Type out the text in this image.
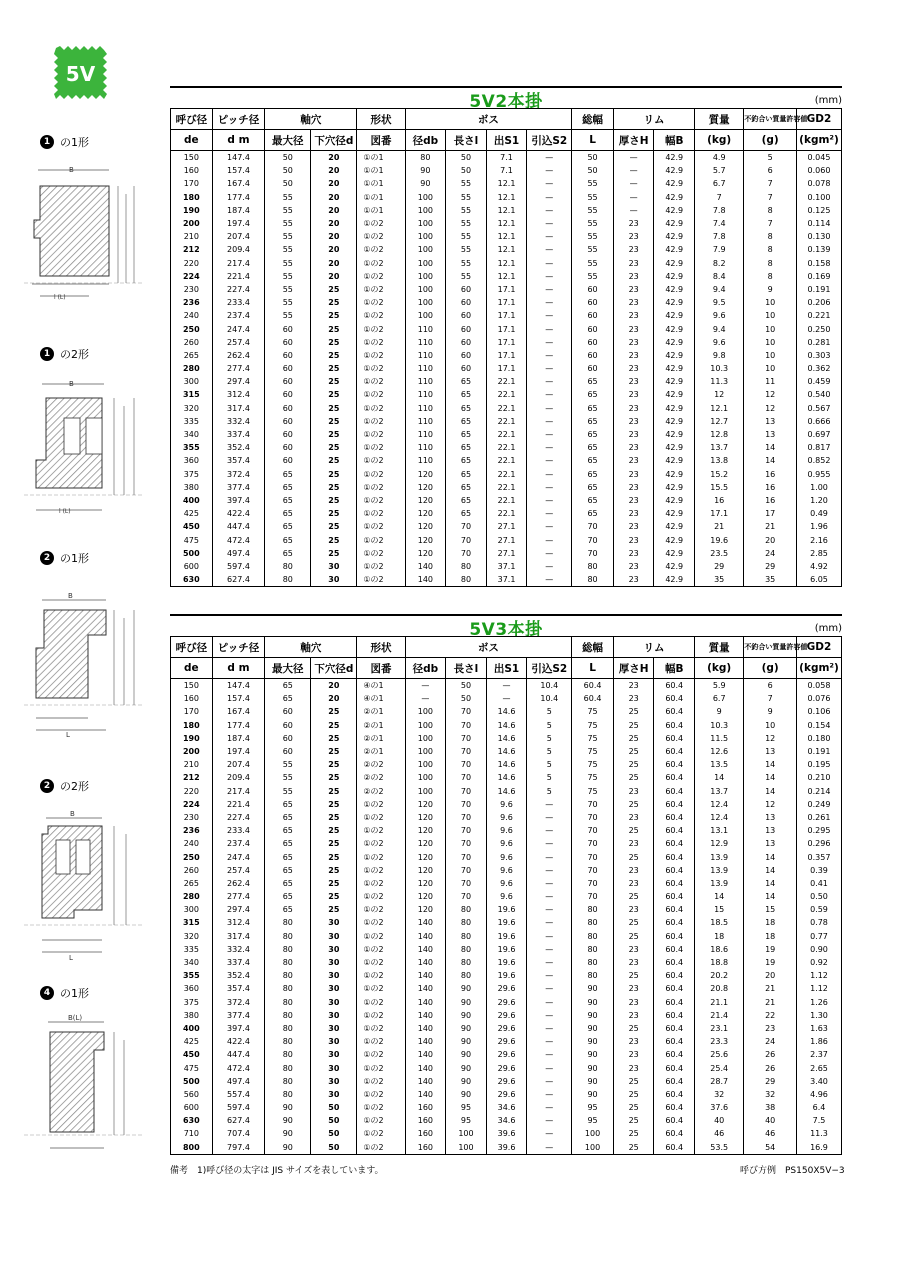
5V
1 の1形
1 の2形
2 の1形
2 の2形
4 の1形
B
l (L)
B
l (L)
B
L
B
L
B(L)
5V2本掛	(mm)
呼び径	ピッチ径	軸穴		形状	ボス				総幅	リム		質量	不釣合い質量許容値	GD2
de	d m	最大径	下穴径d	図番	径db	長さl	出S1	引込S2	L	厚さH	幅B	(kg)	(g)	(kgm²)
150	147.4	50	20	①の1	80	50	7.1	—	50	—	42.9	4.9	5	0.045
160	157.4	50	20	①の1	90	50	7.1	—	50	—	42.9	5.7	6	0.060
170	167.4	50	20	①の1	90	55	12.1	—	55	—	42.9	6.7	7	0.078
180	177.4	55	20	①の1	100	55	12.1	—	55	—	42.9	7	7	0.100
190	187.4	55	20	①の1	100	55	12.1	—	55	—	42.9	7.8	8	0.125
200	197.4	55	20	①の2	100	55	12.1	—	55	23	42.9	7.4	7	0.114
210	207.4	55	20	①の2	100	55	12.1	—	55	23	42.9	7.8	8	0.130
212	209.4	55	20	①の2	100	55	12.1	—	55	23	42.9	7.9	8	0.139
220	217.4	55	20	①の2	100	55	12.1	—	55	23	42.9	8.2	8	0.158
224	221.4	55	20	①の2	100	55	12.1	—	55	23	42.9	8.4	8	0.169
230	227.4	55	25	①の2	100	60	17.1	—	60	23	42.9	9.4	9	0.191
236	233.4	55	25	①の2	100	60	17.1	—	60	23	42.9	9.5	10	0.206
240	237.4	55	25	①の2	100	60	17.1	—	60	23	42.9	9.6	10	0.221
250	247.4	60	25	①の2	110	60	17.1	—	60	23	42.9	9.4	10	0.250
260	257.4	60	25	①の2	110	60	17.1	—	60	23	42.9	9.6	10	0.281
265	262.4	60	25	①の2	110	60	17.1	—	60	23	42.9	9.8	10	0.303
280	277.4	60	25	①の2	110	60	17.1	—	60	23	42.9	10.3	10	0.362
300	297.4	60	25	①の2	110	65	22.1	—	65	23	42.9	11.3	11	0.459
315	312.4	60	25	①の2	110	65	22.1	—	65	23	42.9	12	12	0.540
320	317.4	60	25	①の2	110	65	22.1	—	65	23	42.9	12.1	12	0.567
335	332.4	60	25	①の2	110	65	22.1	—	65	23	42.9	12.7	13	0.666
340	337.4	60	25	①の2	110	65	22.1	—	65	23	42.9	12.8	13	0.697
355	352.4	60	25	①の2	110	65	22.1	—	65	23	42.9	13.7	14	0.817
360	357.4	60	25	①の2	110	65	22.1	—	65	23	42.9	13.8	14	0.852
375	372.4	65	25	①の2	120	65	22.1	—	65	23	42.9	15.2	16	0.955
380	377.4	65	25	①の2	120	65	22.1	—	65	23	42.9	15.5	16	1.00
400	397.4	65	25	①の2	120	65	22.1	—	65	23	42.9	16	16	1.20
425	422.4	65	25	①の2	120	65	22.1	—	65	23	42.9	17.1	17	0.49
450	447.4	65	25	①の2	120	70	27.1	—	70	23	42.9	21	21	1.96
475	472.4	65	25	①の2	120	70	27.1	—	70	23	42.9	19.6	20	2.16
500	497.4	65	25	①の2	120	70	27.1	—	70	23	42.9	23.5	24	2.85
600	597.4	80	30	①の2	140	80	37.1	—	80	23	42.9	29	29	4.92
630	627.4	80	30	①の2	140	80	37.1	—	80	23	42.9	35	35	6.05
5V3本掛	(mm)
呼び径	ピッチ径	軸穴		形状	ボス				総幅	リム		質量	不釣合い質量許容値	GD2
de	d m	最大径	下穴径d	図番	径db	長さl	出S1	引込S2	L	厚さH	幅B	(kg)	(g)	(kgm²)
150	147.4	65	20	④の1	—	50	—	10.4	60.4	23	60.4	5.9	6	0.058
160	157.4	65	20	④の1	—	50	—	10.4	60.4	23	60.4	6.7	7	0.076
170	167.4	60	25	②の1	100	70	14.6	5	75	25	60.4	9	9	0.106
180	177.4	60	25	②の1	100	70	14.6	5	75	25	60.4	10.3	10	0.154
190	187.4	60	25	②の1	100	70	14.6	5	75	25	60.4	11.5	12	0.180
200	197.4	60	25	②の1	100	70	14.6	5	75	25	60.4	12.6	13	0.191
210	207.4	55	25	②の2	100	70	14.6	5	75	25	60.4	13.5	14	0.195
212	209.4	55	25	②の2	100	70	14.6	5	75	25	60.4	14	14	0.210
220	217.4	55	25	②の2	100	70	14.6	5	75	23	60.4	13.7	14	0.214
224	221.4	65	25	①の2	120	70	9.6	—	70	25	60.4	12.4	12	0.249
230	227.4	65	25	①の2	120	70	9.6	—	70	23	60.4	12.4	13	0.261
236	233.4	65	25	①の2	120	70	9.6	—	70	25	60.4	13.1	13	0.295
240	237.4	65	25	①の2	120	70	9.6	—	70	23	60.4	12.9	13	0.296
250	247.4	65	25	①の2	120	70	9.6	—	70	25	60.4	13.9	14	0.357
260	257.4	65	25	①の2	120	70	9.6	—	70	23	60.4	13.9	14	0.39
265	262.4	65	25	①の2	120	70	9.6	—	70	23	60.4	13.9	14	0.41
280	277.4	65	25	①の2	120	70	9.6	—	70	25	60.4	14	14	0.50
300	297.4	65	25	①の2	120	80	19.6	—	80	23	60.4	15	15	0.59
315	312.4	80	30	①の2	140	80	19.6	—	80	25	60.4	18.5	18	0.78
320	317.4	80	30	①の2	140	80	19.6	—	80	25	60.4	18	18	0.77
335	332.4	80	30	①の2	140	80	19.6	—	80	23	60.4	18.6	19	0.90
340	337.4	80	30	①の2	140	80	19.6	—	80	23	60.4	18.8	19	0.92
355	352.4	80	30	①の2	140	80	19.6	—	80	25	60.4	20.2	20	1.12
360	357.4	80	30	①の2	140	90	29.6	—	90	23	60.4	20.8	21	1.12
375	372.4	80	30	①の2	140	90	29.6	—	90	23	60.4	21.1	21	1.26
380	377.4	80	30	①の2	140	90	29.6	—	90	23	60.4	21.4	22	1.30
400	397.4	80	30	①の2	140	90	29.6	—	90	25	60.4	23.1	23	1.63
425	422.4	80	30	①の2	140	90	29.6	—	90	23	60.4	23.3	24	1.86
450	447.4	80	30	①の2	140	90	29.6	—	90	23	60.4	25.6	26	2.37
475	472.4	80	30	①の2	140	90	29.6	—	90	23	60.4	25.4	26	2.65
500	497.4	80	30	①の2	140	90	29.6	—	90	25	60.4	28.7	29	3.40
560	557.4	80	30	①の2	140	90	29.6	—	90	25	60.4	32	32	4.96
600	597.4	90	50	①の2	160	95	34.6	—	95	25	60.4	37.6	38	6.4
630	627.4	90	50	①の2	160	95	34.6	—	95	25	60.4	40	40	7.5
710	707.4	90	50	①の2	160	100	39.6	—	100	25	60.4	46	46	11.3
800	797.4	90	50	①の2	160	100	39.6	—	100	25	60.4	53.5	54	16.9
備考　1)呼び径の太字は JIS サイズを表しています。	呼び方例　PS150X5V−3
